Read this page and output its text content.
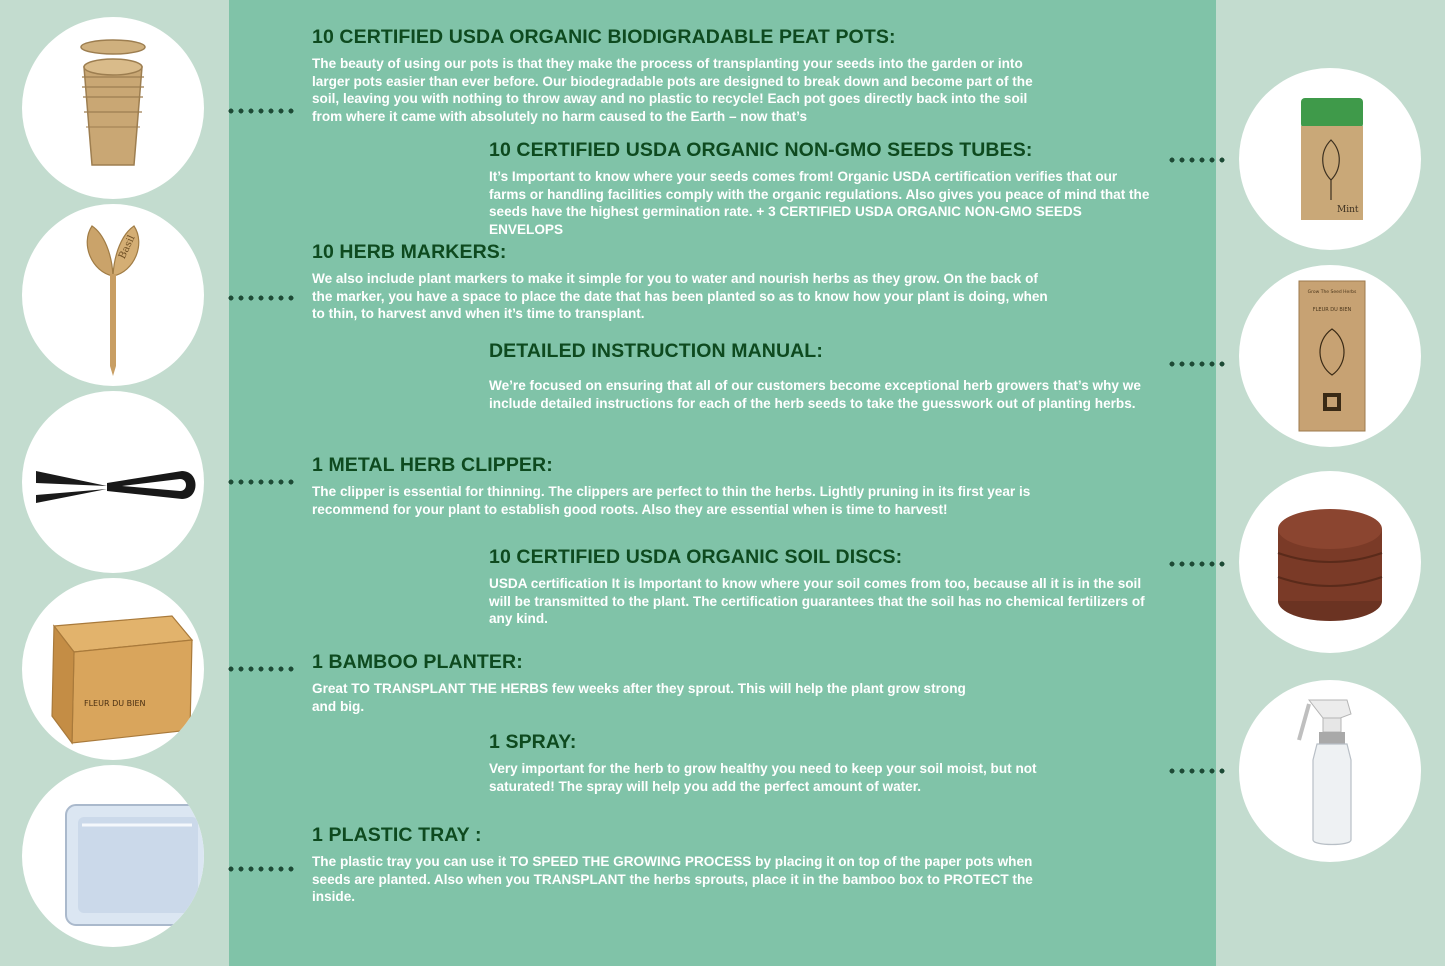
Basil
FLEUR DU BIEN
Mint
Grow The Seed Herbs
FLEUR DU BIEN
10 CERTIFIED USDA ORGANIC BIODIGRADABLE PEAT POTS:

The beauty of using our pots is that they make the process of transplanting your seeds into the garden or into larger pots easier than ever before. Our biodegradable pots are designed to break down and become part of the soil, leaving you with nothing to throw away and no plastic to recycle! Each pot goes directly back into the soil from where it came with absolutely no harm caused to the Earth – now that’s

10 CERTIFIED USDA ORGANIC NON-GMO SEEDS TUBES:

It’s Important to know where your seeds comes from! Organic USDA certification verifies that our farms or handling facilities comply with the organic regulations. Also gives you peace of mind that the seeds have the highest germination rate. + 3 CERTIFIED USDA ORGANIC NON-GMO SEEDS ENVELOPS

10 HERB MARKERS:

We also include plant markers to make it simple for you to water and nourish herbs as they grow. On the back of the marker, you have a space to place the date that has been planted so as to know how your plant is doing, when to thin, to harvest anvd when it’s time to transplant.

DETAILED INSTRUCTION MANUAL:

We’re focused on ensuring that all of our customers become exceptional herb growers that’s why we include detailed instructions for each of the herb seeds to take the guesswork out of planting herbs.

1 METAL HERB CLIPPER:

The clipper is essential for thinning. The clippers are perfect to thin the herbs. Lightly pruning in its first year is recommend for your plant to establish good roots. Also they are essential when is time to harvest!

10 CERTIFIED USDA ORGANIC SOIL DISCS:

USDA certification It is Important to know where your soil comes from too, because all it is in the soil will be transmitted to the plant. The certification guarantees that the soil has no chemical fertilizers of any kind.

1 BAMBOO PLANTER:

Great TO TRANSPLANT THE HERBS few weeks after they sprout. This will help the plant grow strong and big.

1 SPRAY:

Very important for the herb to grow healthy you need to keep your soil moist, but not saturated! The spray will help you add the perfect amount of water.

1 PLASTIC TRAY :

The plastic tray you can use it TO SPEED THE GROWING PROCESS by placing it on top of the paper pots when seeds are planted. Also when you TRANSPLANT the herbs sprouts, place it in the bamboo box to PROTECT the inside.
